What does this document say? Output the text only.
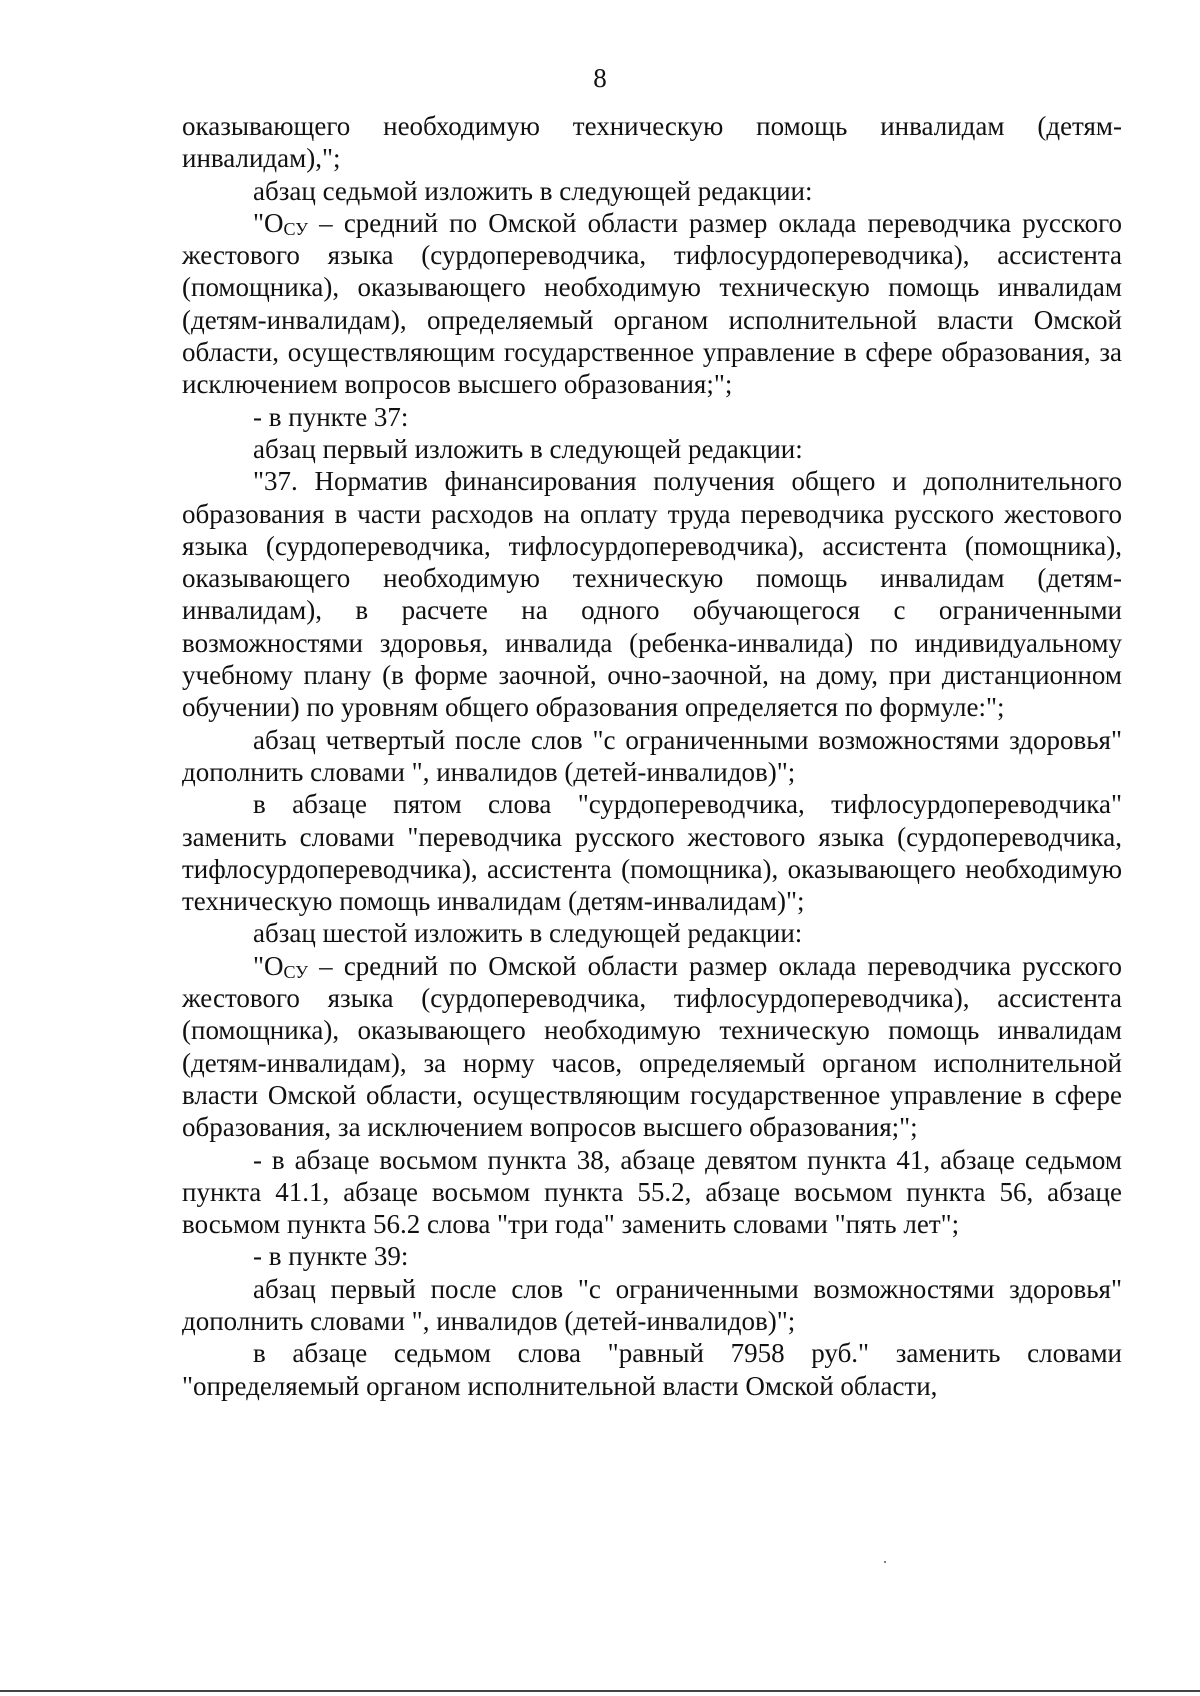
8

оказывающего необходимую техническую помощь инвалидам (детям-инвалидам),";

абзац седьмой изложить в следующей редакции:

"$О_{СУ}$ – средний по Омской области размер оклада переводчика русского жестового языка (сурдопереводчика, тифлосурдопереводчика), ассистента (помощника), оказывающего необходимую техническую помощь инвалидам (детям-инвалидам), определяемый органом исполнительной власти Омской области, осуществляющим государственное управление в сфере образования, за исключением вопросов высшего образования;";

- в пункте 37:

абзац первый изложить в следующей редакции:

"37. Норматив финансирования получения общего и дополнительного образования в части расходов на оплату труда переводчика русского жестового языка (сурдопереводчика, тифлосурдопереводчика), ассистента (помощника), оказывающего необходимую техническую помощь инвалидам (детям-инвалидам), в расчете на одного обучающегося с ограниченными возможностями здоровья, инвалида (ребенка-инвалида) по индивидуальному учебному плану (в форме заочной, очно-заочной, на дому, при дистанционном обучении) по уровням общего образования определяется по формуле:";

абзац четвертый после слов "с ограниченными возможностями здоровья" дополнить словами ", инвалидов (детей-инвалидов)";

в абзаце пятом слова "сурдопереводчика, тифлосурдопереводчика" заменить словами "переводчика русского жестового языка (сурдопереводчика, тифлосурдопереводчика), ассистента (помощника), оказывающего необходимую техническую помощь инвалидам (детям-инвалидам)";

абзац шестой изложить в следующей редакции:

"$О_{СУ}$ – средний по Омской области размер оклада переводчика русского жестового языка (сурдопереводчика, тифлосурдопереводчика), ассистента (помощника), оказывающего необходимую техническую помощь инвалидам (детям-инвалидам), за норму часов, определяемый органом исполнительной власти Омской области, осуществляющим государственное управление в сфере образования, за исключением вопросов высшего образования;";

- в абзаце восьмом пункта 38, абзаце девятом пункта 41, абзаце седьмом пункта 41.1, абзаце восьмом пункта 55.2, абзаце восьмом пункта 56, абзаце восьмом пункта 56.2 слова "три года" заменить словами "пять лет";

- в пункте 39:

абзац первый после слов "с ограниченными возможностями здоровья" дополнить словами ", инвалидов (детей-инвалидов)";

в абзаце седьмом слова "равный 7958 руб." заменить словами "определяемый органом исполнительной власти Омской области,
